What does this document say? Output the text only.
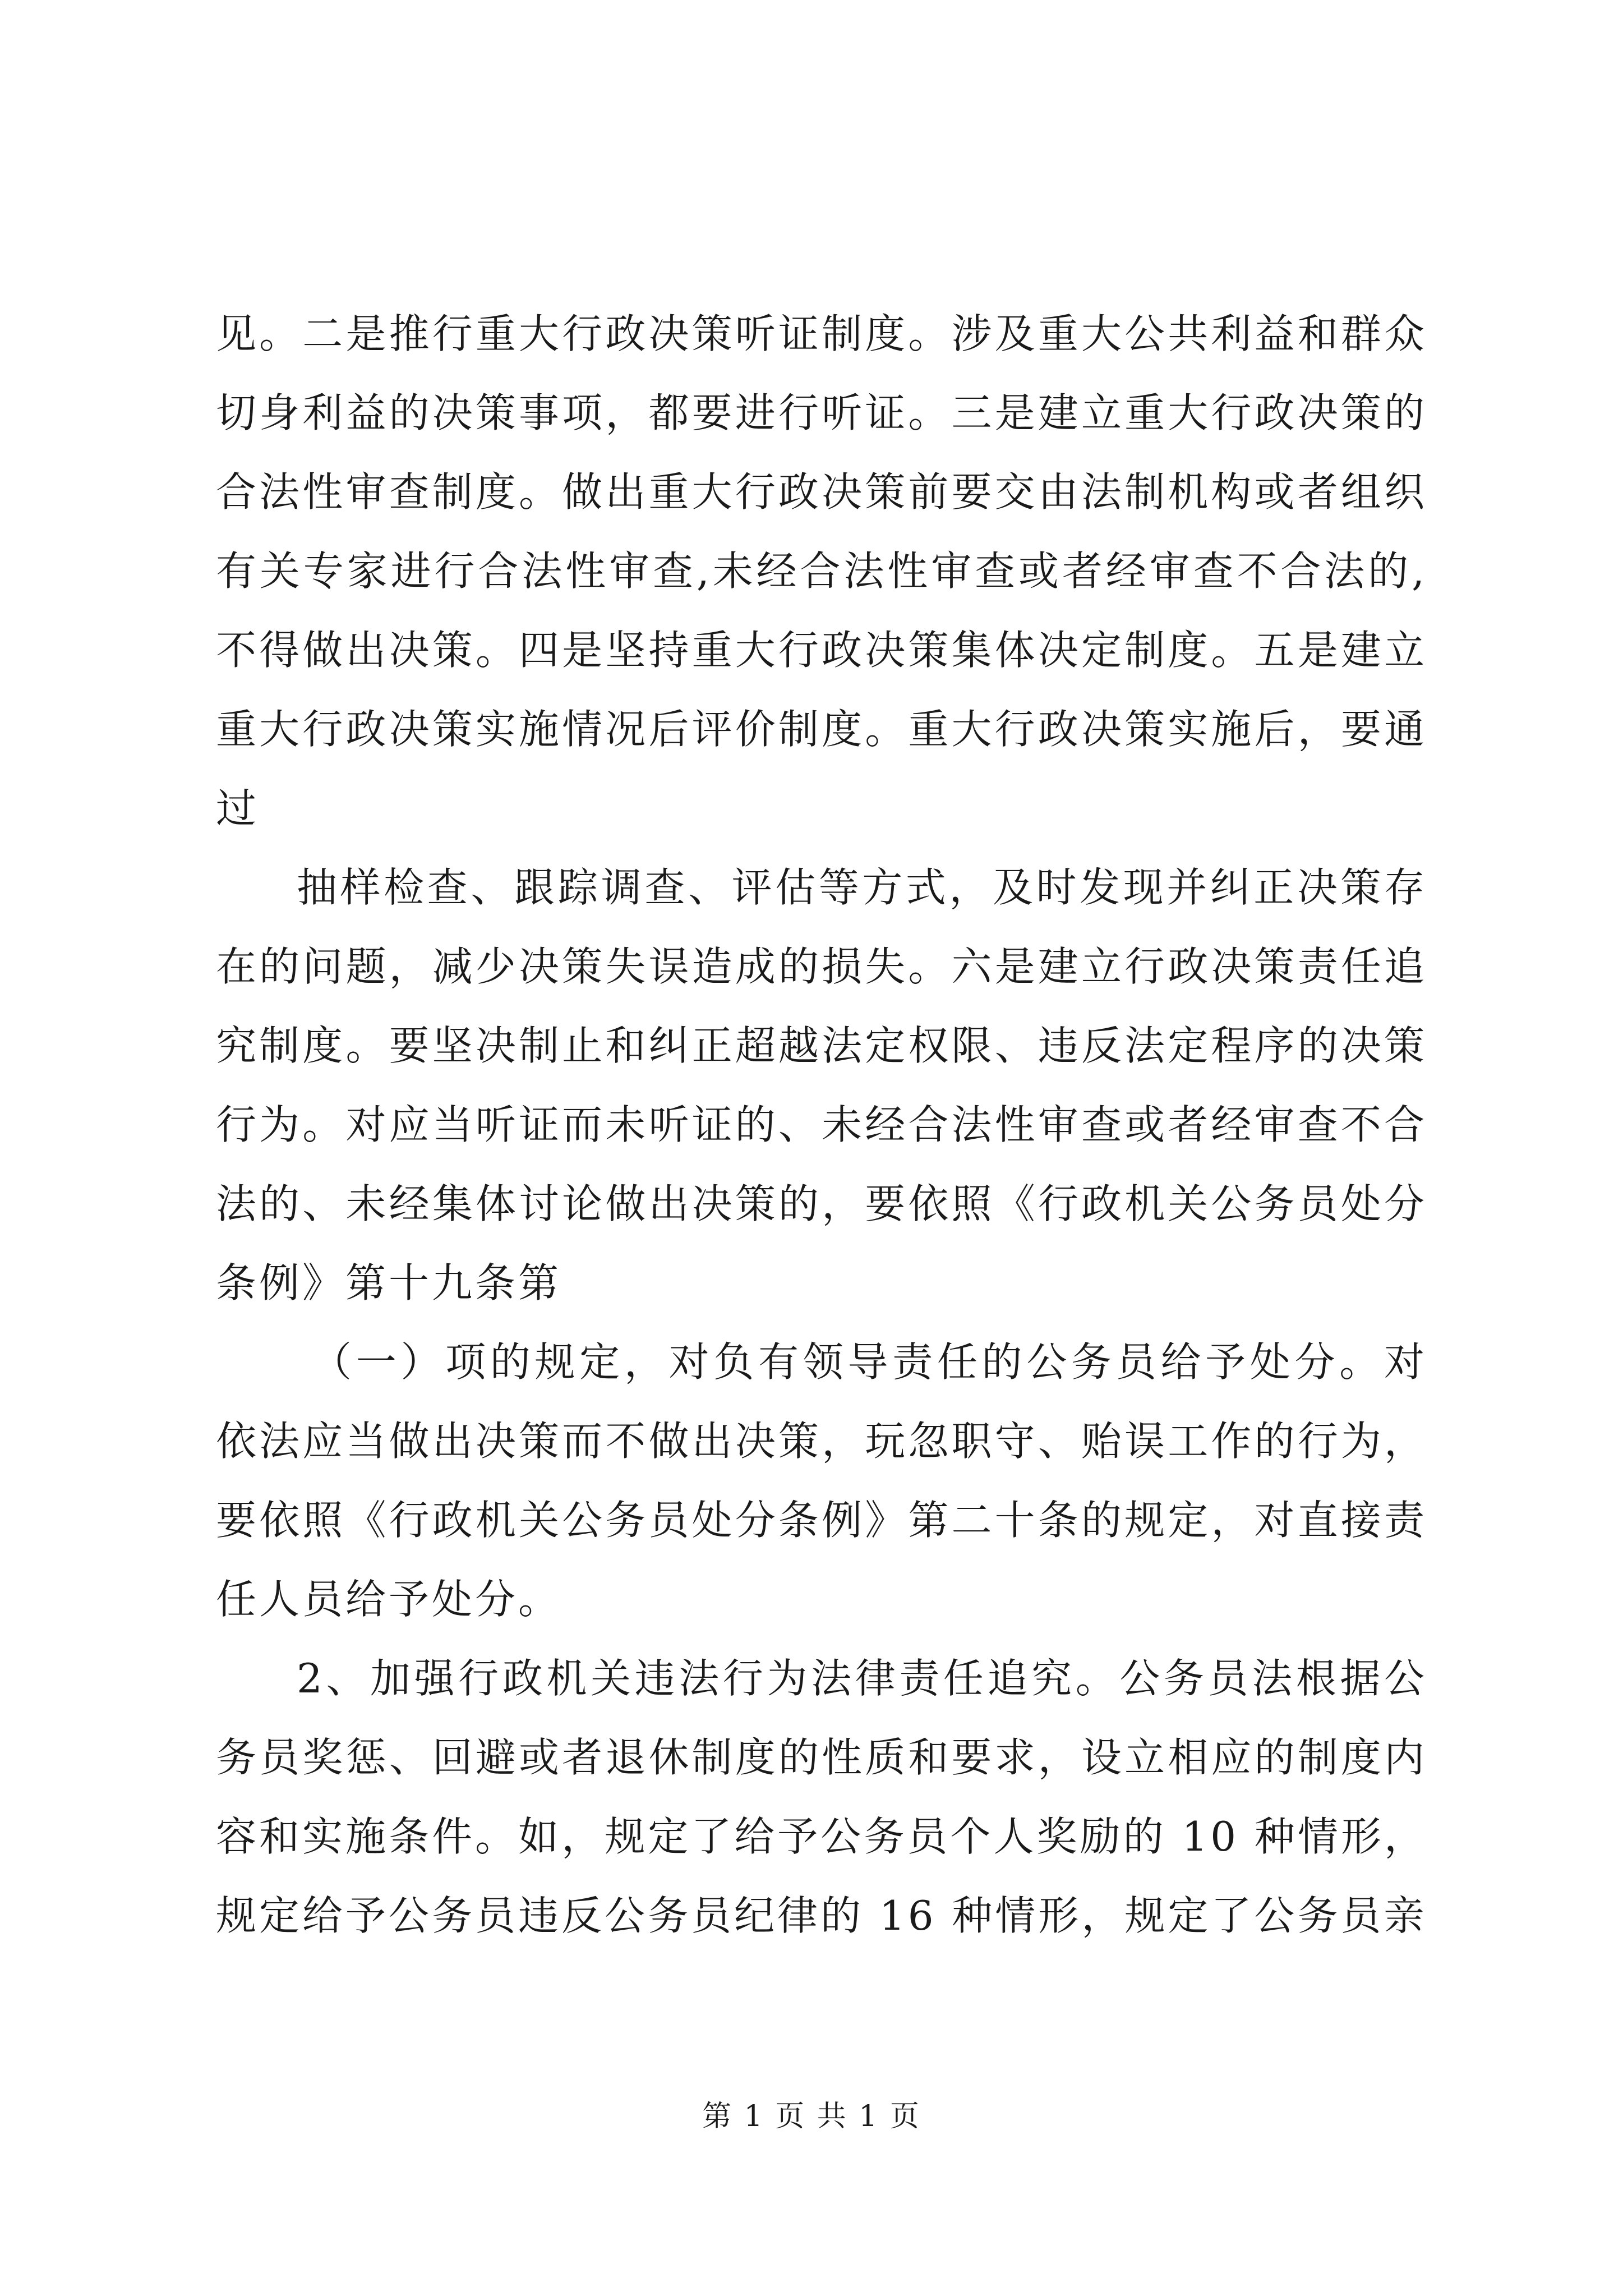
见。二是推行重大行政决策听证制度。涉及重大公共利益和群众切身利益的决策事项，都要进行听证。三是建立重大行政决策的合法性审查制度。做出重大行政决策前要交由法制机构或者组织有关专家进行合法性审查,未经合法性审查或者经审查不合法的,不得做出决策。四是坚持重大行政决策集体决定制度。五是建立重大行政决策实施情况后评价制度。重大行政决策实施后，要通过

抽样检查、跟踪调查、评估等方式，及时发现并纠正决策存在的问题，减少决策失误造成的损失。六是建立行政决策责任追究制度。要坚决制止和纠正超越法定权限、违反法定程序的决策行为。对应当听证而未听证的、未经合法性审查或者经审查不合法的、未经集体讨论做出决策的，要依照《行政机关公务员处分条例》第十九条第

（一）项的规定，对负有领导责任的公务员给予处分。对依法应当做出决策而不做出决策，玩忽职守、贻误工作的行为，要依照《行政机关公务员处分条例》第二十条的规定，对直接责任人员给予处分。

2、加强行政机关违法行为法律责任追究。公务员法根据公务员奖惩、回避或者退休制度的性质和要求，设立相应的制度内容和实施条件。如，规定了给予公务员个人奖励的 10 种情形，规定给予公务员违反公务员纪律的 16 种情形，规定了公务员亲

第 1 页 共 1 页
